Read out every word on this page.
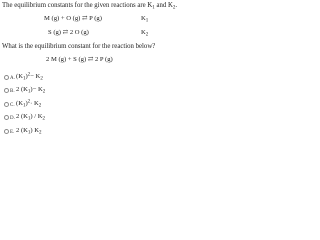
The equilibrium constants for the given reactions are $K_1$ and $K_2$.
M (g) + O (g) ⇄ P (g)	$K_1$
S (g) ⇄ 2 O (g)	$K_2$
What is the equilibrium constant for the reaction below?
2 M (g) + S (g) ⇄ 2 P (g)
A. $(K_1)^2- K_2$
B. 2 $(K_1)- K_2$
C. $(K_1)^2\cdot K_2$
D. 2 $(K_1) / K_2$
E. 2 $(K_1)$ $K_2$
